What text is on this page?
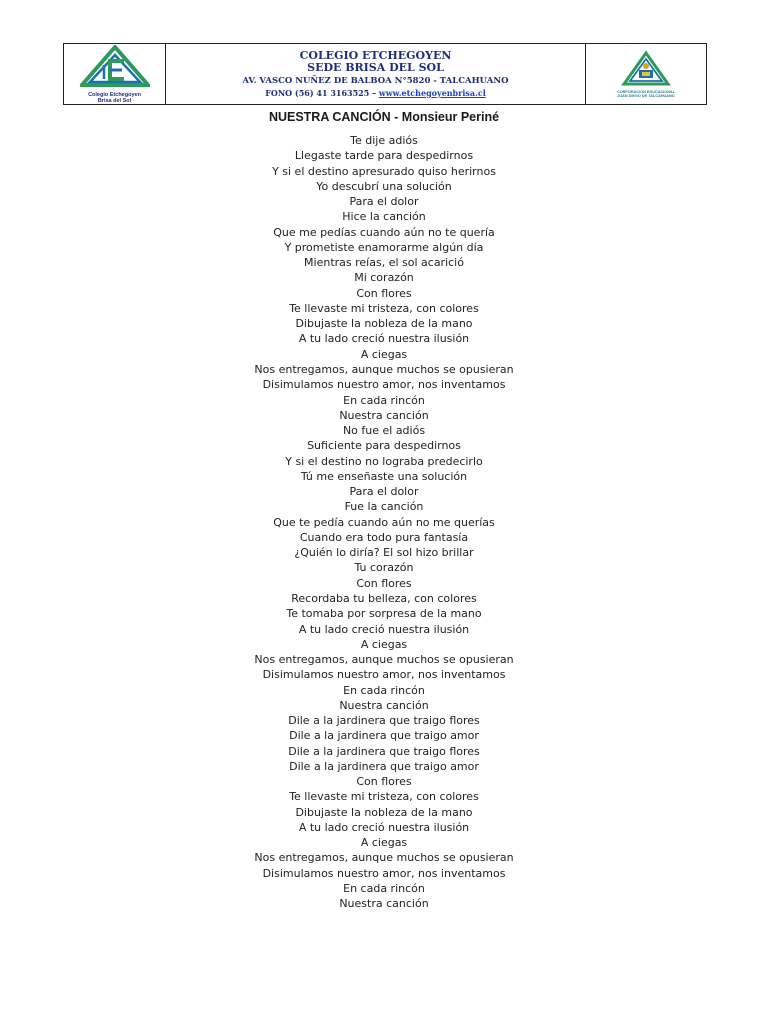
Colegio Etchegoyen
Brisa del Sol
COLEGIO ETCHEGOYEN
SEDE BRISA DEL SOL
AV. VASCO NUÑEZ DE BALBOA N°5820 - TALCAHUANO
FONO (56) 41 3163525 – www.etchegoyenbrisa.cl	CORPORACION EDUCACIONAL
JUAN DIEGO DE TALCAHUANO
NUESTRA CANCIÓN - Monsieur Periné
Te dije adiós
Llegaste tarde para despedirnos
Y si el destino apresurado quiso herirnos
Yo descubrí una solución
Para el dolor
Hice la canción
Que me pedías cuando aún no te quería
Y prometiste enamorarme algún día
Mientras reías, el sol acarició
Mi corazón
Con flores
Te llevaste mi tristeza, con colores
Dibujaste la nobleza de la mano
A tu lado creció nuestra ilusión
A ciegas
Nos entregamos, aunque muchos se opusieran
Disimulamos nuestro amor, nos inventamos
En cada rincón
Nuestra canción
No fue el adiós
Suficiente para despedirnos
Y si el destino no lograba predecirlo
Tú me enseñaste una solución
Para el dolor
Fue la canción
Que te pedía cuando aún no me querías
Cuando era todo pura fantasía
¿Quién lo diría? El sol hizo brillar
Tu corazón
Con flores
Recordaba tu belleza, con colores
Te tomaba por sorpresa de la mano
A tu lado creció nuestra ilusión
A ciegas
Nos entregamos, aunque muchos se opusieran
Disimulamos nuestro amor, nos inventamos
En cada rincón
Nuestra canción
Dile a la jardinera que traigo flores
Dile a la jardinera que traigo amor
Dile a la jardinera que traigo flores
Dile a la jardinera que traigo amor
Con flores
Te llevaste mi tristeza, con colores
Dibujaste la nobleza de la mano
A tu lado creció nuestra ilusión
A ciegas
Nos entregamos, aunque muchos se opusieran
Disimulamos nuestro amor, nos inventamos
En cada rincón
Nuestra canción
